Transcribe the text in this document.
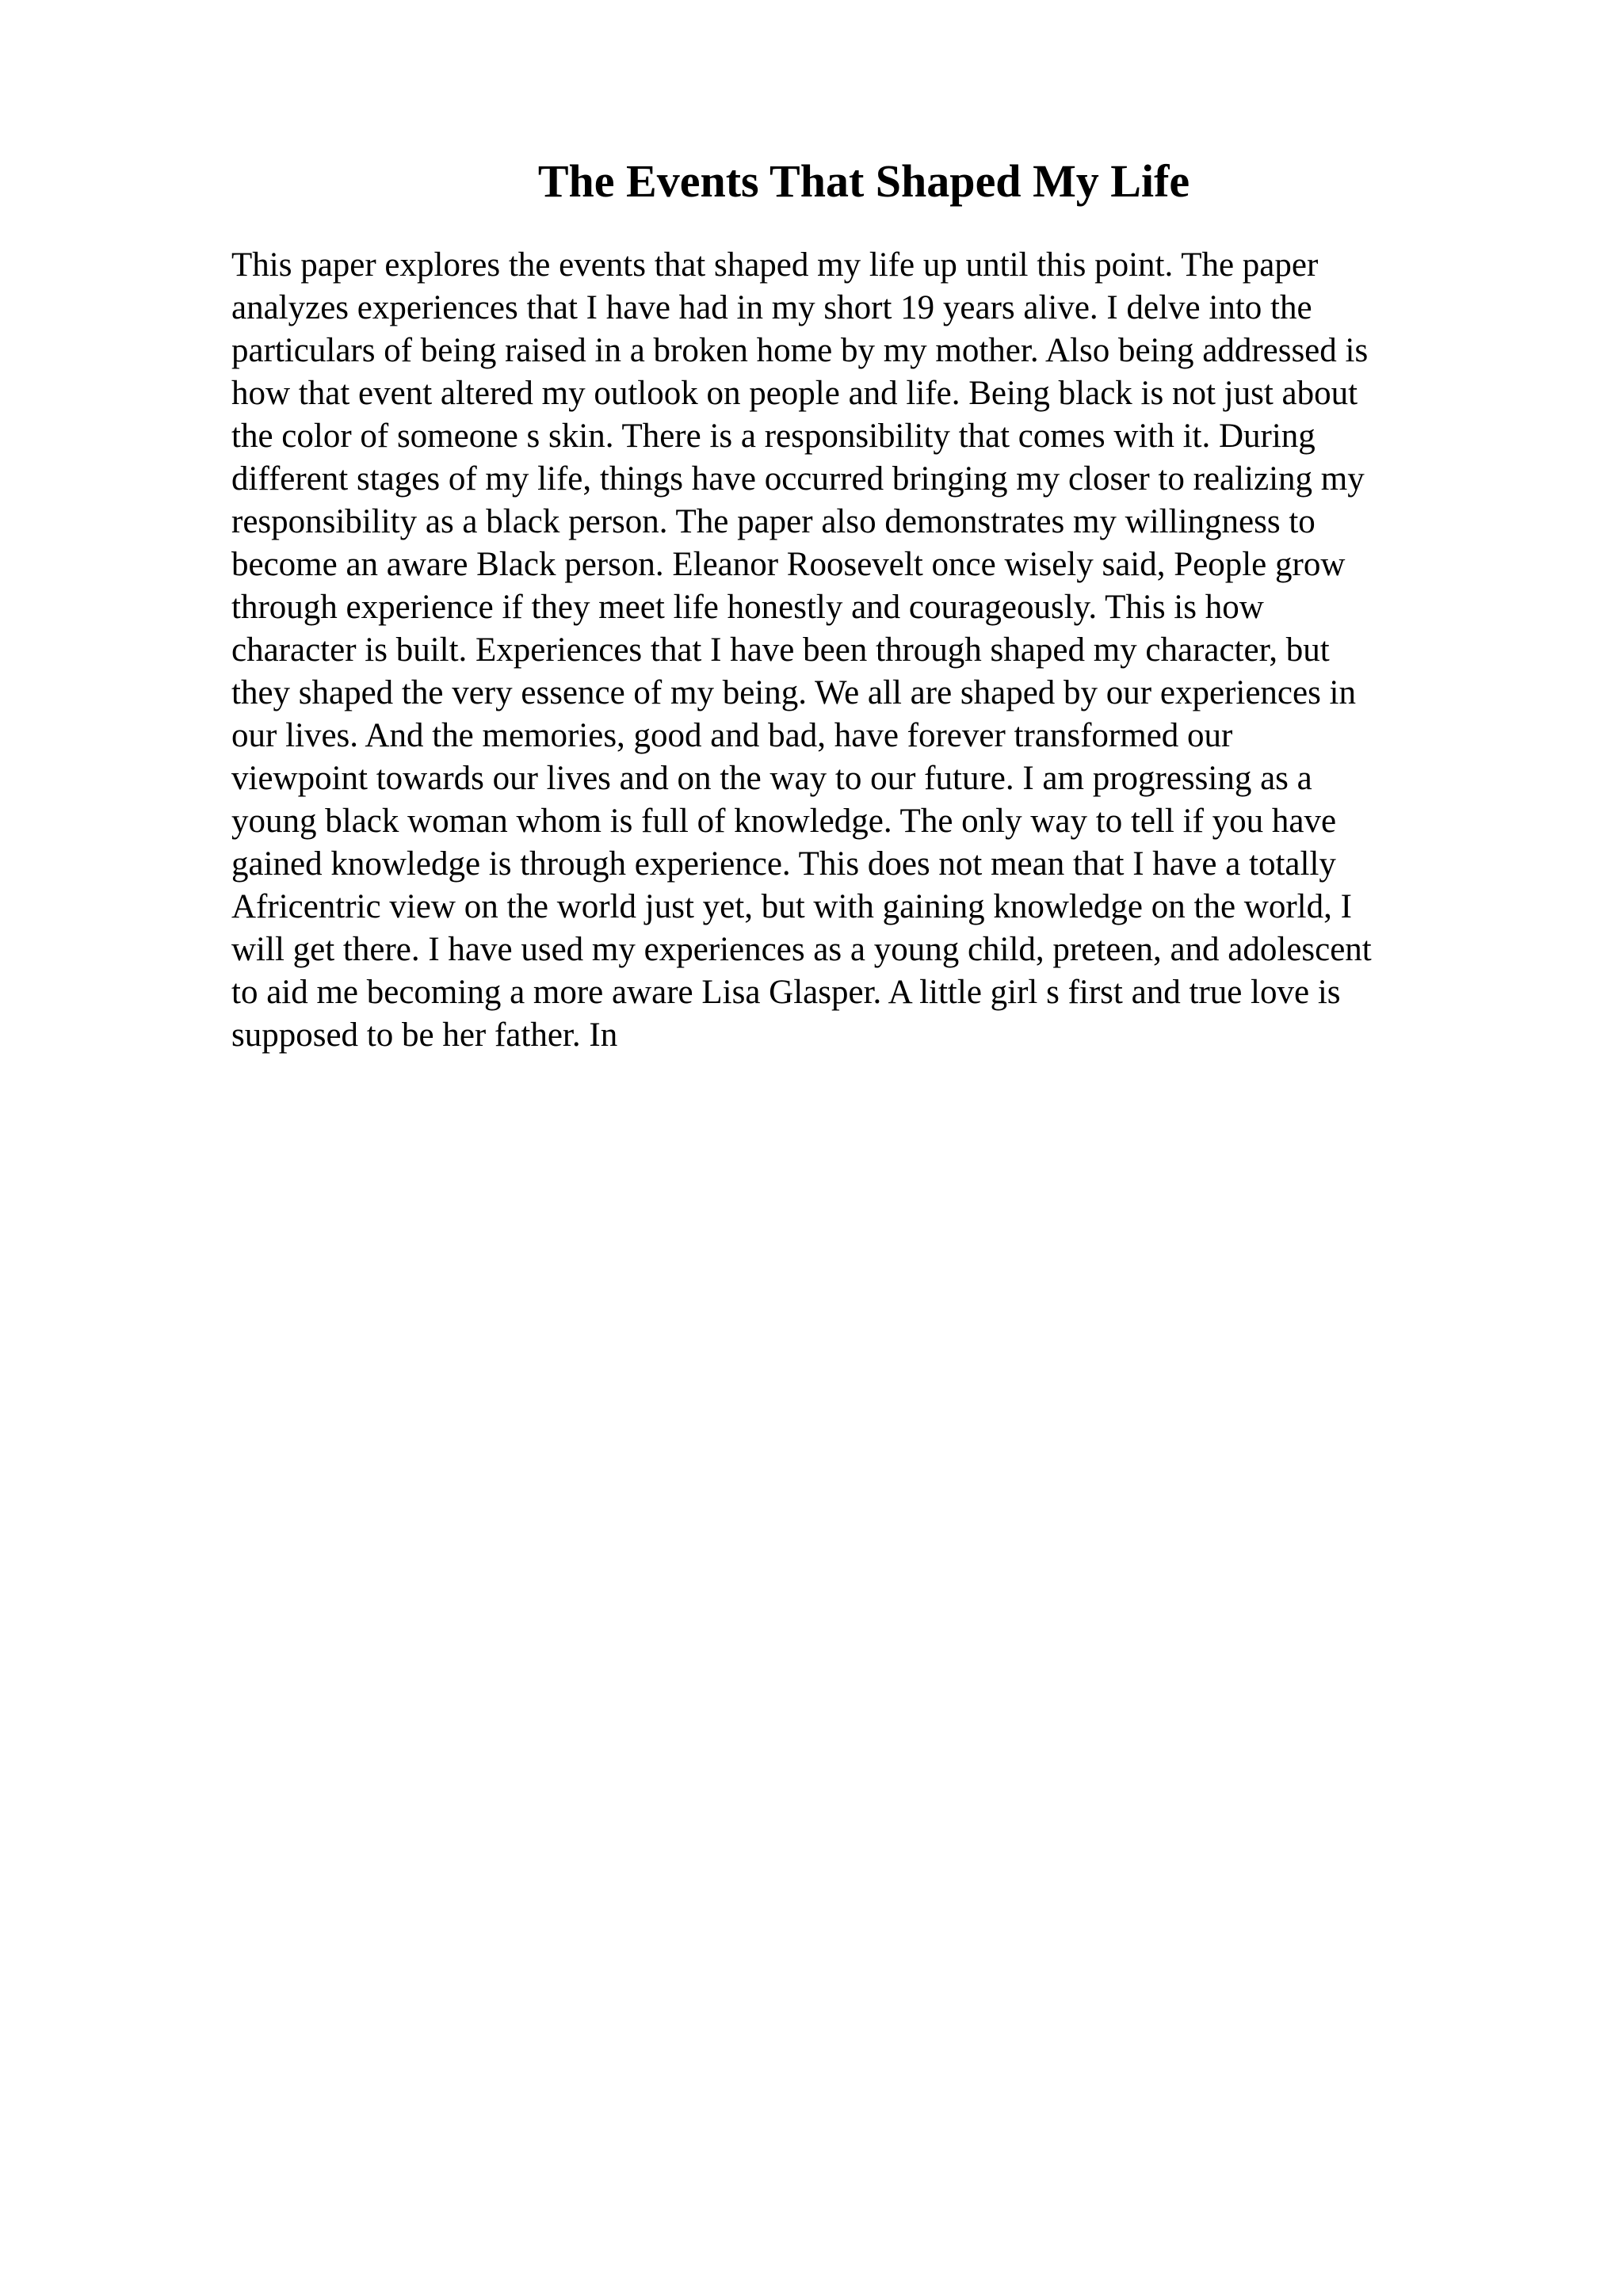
The Events That Shaped My Life
This paper explores the events that shaped my life up until this point. The paper
analyzes experiences that I have had in my short 19 years alive. I delve into the
particulars of being raised in a broken home by my mother. Also being addressed is
how that event altered my outlook on people and life. Being black is not just about
the color of someone s skin. There is a responsibility that comes with it. During
different stages of my life, things have occurred bringing my closer to realizing my
responsibility as a black person. The paper also demonstrates my willingness to
become an aware Black person. Eleanor Roosevelt once wisely said, People grow
through experience if they meet life honestly and courageously. This is how
character is built. Experiences that I have been through shaped my character, but
they shaped the very essence of my being. We all are shaped by our experiences in
our lives. And the memories, good and bad, have forever transformed our
viewpoint towards our lives and on the way to our future. I am progressing as a
young black woman whom is full of knowledge. The only way to tell if you have
gained knowledge is through experience. This does not mean that I have a totally
Africentric view on the world just yet, but with gaining knowledge on the world, I
will get there. I have used my experiences as a young child, preteen, and adolescent
to aid me becoming a more aware Lisa Glasper. A little girl s first and true love is
supposed to be her father. In
